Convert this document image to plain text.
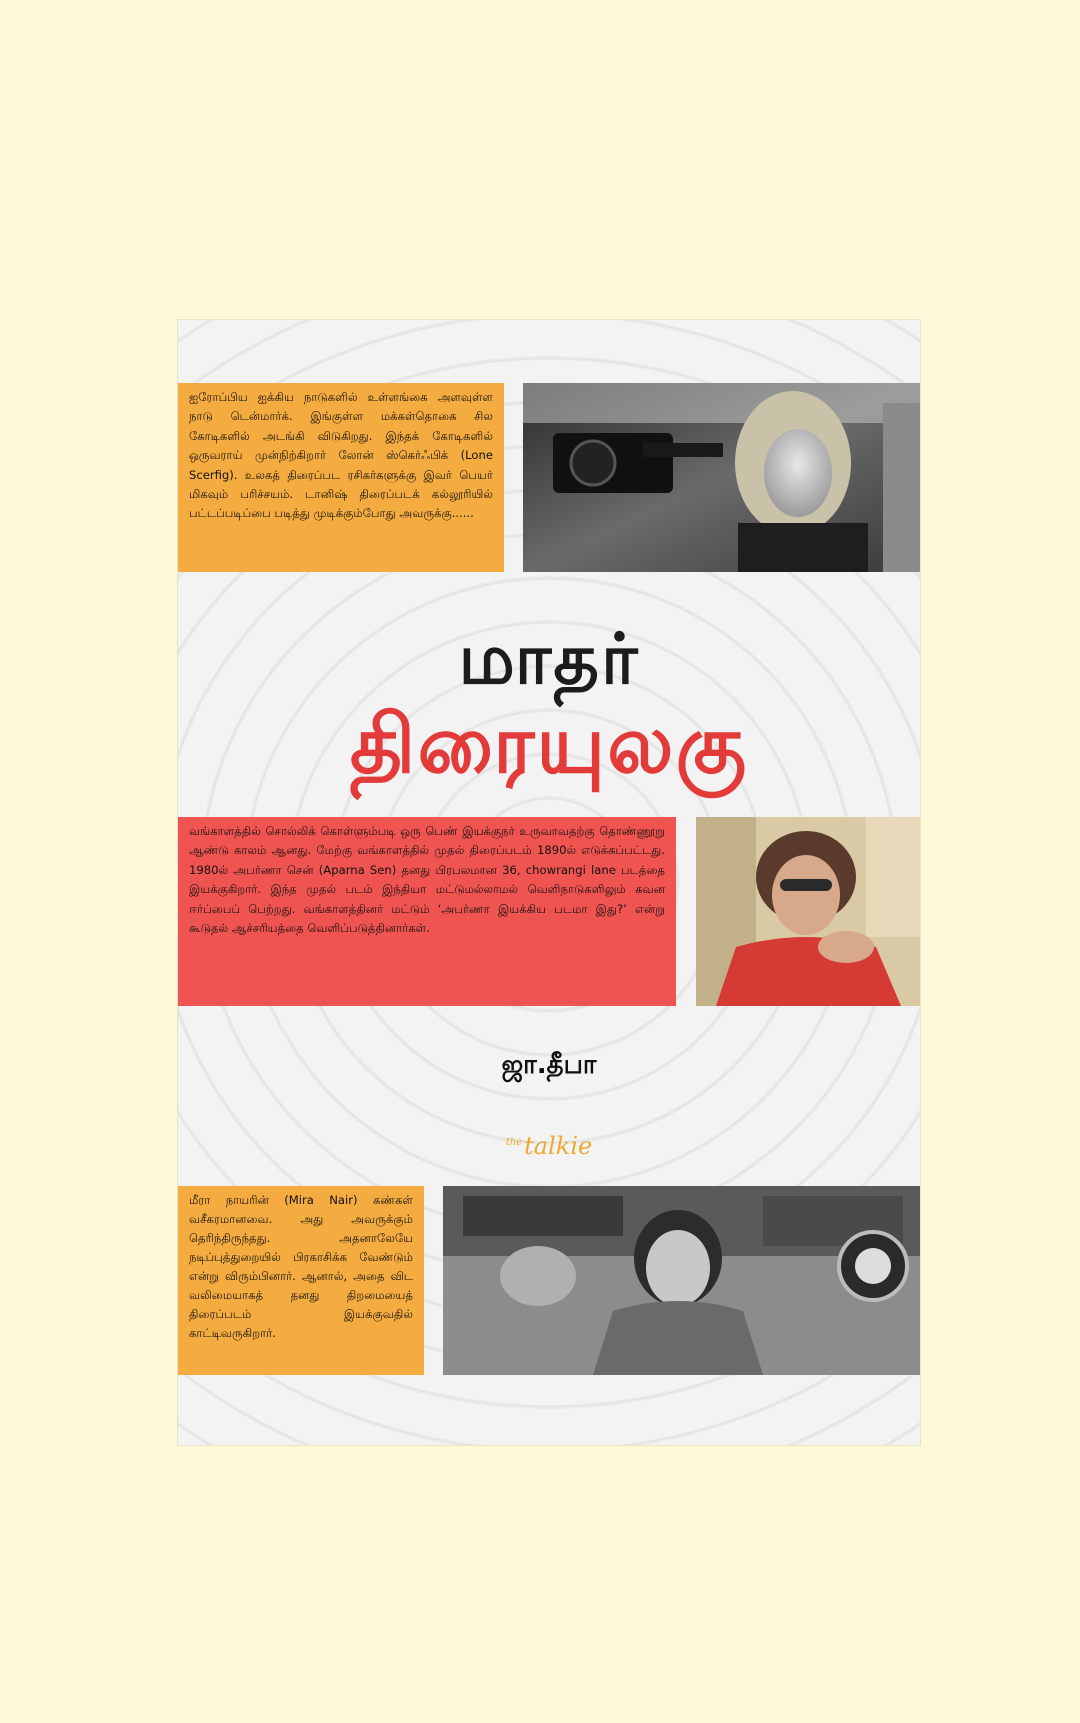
ஐரோப்பிய ஐக்கிய நாடுகளில் உள்ளங்கை அளவுள்ள நாடு டென்மார்க். இங்குள்ள மக்கள்தொகை சில கோடிகளில் அடங்கி விடுகிறது. இந்தக் கோடிகளில் ஒருவராய் முன்நிற்கிறார் லோன் ஸ்கெர்ஃபிக் (Lone Scerfig). உலகத் திரைப்பட ரசிகர்களுக்கு இவர் பெயர் மிகவும் பரிச்சயம். டானிஷ் திரைப்படக் கல்லூரியில் பட்டப்படிப்பை படித்து முடிக்கும்போது அவருக்கு......
மாதர்
திரையுலகு
வங்காளத்தில் சொல்லிக் கொள்ளும்படி ஒரு பெண் இயக்குநர் உருவாவதற்கு தொண்ணூறு ஆண்டு காலம் ஆனது. மேற்கு வங்காளத்தில் முதல் திரைப்படம் 1890ல் எடுக்கப்பட்டது. 1980ல் அபர்ணா சென் (Aparna Sen) தனது பிரபலமான 36, chowrangi lane படத்தை இயக்குகிறார். இந்த முதல் படம் இந்தியா மட்டுமல்லாமல் வெளிநாடுகளிலும் கவன ஈர்ப்பைப் பெற்றது. வங்காளத்தினர் மட்டும் ‘அபர்ணா இயக்கிய படமா இது?’ என்று கூடுதல் ஆச்சரியத்தை வெளிப்படுத்தினார்கள்.
ஜா.தீபா
$^{the}$talkie
மீரா நாயரின் (Mira Nair) கண்கள் வசீகரமானவை. அது அவருக்கும் தெரிந்திருந்தது. அதனாலேயே நடிப்புத்துறையில் பிரகாசிக்க வேண்டும் என்று விரும்பினார். ஆனால், அதை விட வலிமையாகத் தனது திறமையைத் திரைப்படம் இயக்குவதில் காட்டிவருகிறார்.
